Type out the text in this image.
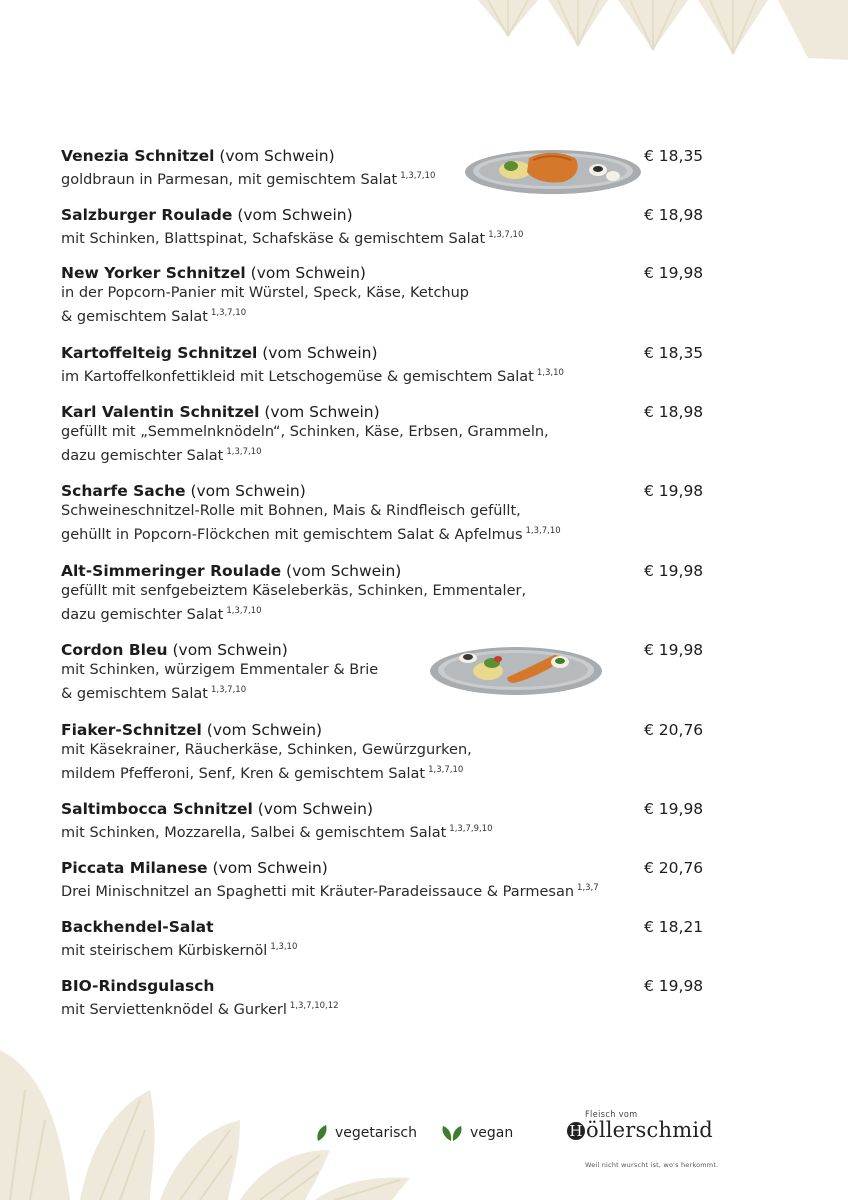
Venezia Schnitzel (vom Schwein)
goldbraun in Parmesan, mit gemischtem Salat $^{1,3,7,10}$
€ 18,35
Salzburger Roulade (vom Schwein)
mit Schinken, Blattspinat, Schafskäse & gemischtem Salat $^{1,3,7,10}$
€ 18,98
New Yorker Schnitzel (vom Schwein)
in der Popcorn-Panier mit Würstel, Speck, Käse, Ketchup
& gemischtem Salat $^{1,3,7,10}$
€ 19,98
Kartoffelteig Schnitzel (vom Schwein)
im Kartoffelkonfettikleid mit Letschogemüse & gemischtem Salat $^{1,3,10}$
€ 18,35
Karl Valentin Schnitzel (vom Schwein)
gefüllt mit „Semmelnknödeln“, Schinken, Käse, Erbsen, Grammeln,
dazu gemischter Salat $^{1,3,7,10}$
€ 18,98
Scharfe Sache (vom Schwein)
Schweineschnitzel-Rolle mit Bohnen, Mais & Rindfleisch gefüllt,
gehüllt in Popcorn-Flöckchen mit gemischtem Salat & Apfelmus $^{1,3,7,10}$
€ 19,98
Alt-Simmeringer Roulade (vom Schwein)
gefüllt mit senfgebeiztem Käseleberkäs, Schinken, Emmentaler,
dazu gemischter Salat $^{1,3,7,10}$
€ 19,98
Cordon Bleu (vom Schwein)
mit Schinken, würzigem Emmentaler & Brie
& gemischtem Salat $^{1,3,7,10}$
€ 19,98
Fiaker-Schnitzel (vom Schwein)
mit Käsekrainer, Räucherkäse, Schinken, Gewürzgurken,
mildem Pfefferoni, Senf, Kren & gemischtem Salat $^{1,3,7,10}$
€ 20,76
Saltimbocca Schnitzel (vom Schwein)
mit Schinken, Mozzarella, Salbei & gemischtem Salat $^{1,3,7,9,10}$
€ 19,98
Piccata Milanese (vom Schwein)
Drei Minischnitzel an Spaghetti mit Kräuter-Paradeissauce & Parmesan $^{1,3,7}$
€ 20,76
Backhendel-Salat
mit steirischem Kürbiskernöl $^{1,3,10}$
€ 18,21
BIO-Rindsgulasch
mit Serviettenknödel & Gurkerl $^{1,3,7,10,12}$
€ 19,98
vegetarisch	vegan
Fleisch vom
H öllerschmid
Weil nicht wurscht ist, wo's herkommt.
